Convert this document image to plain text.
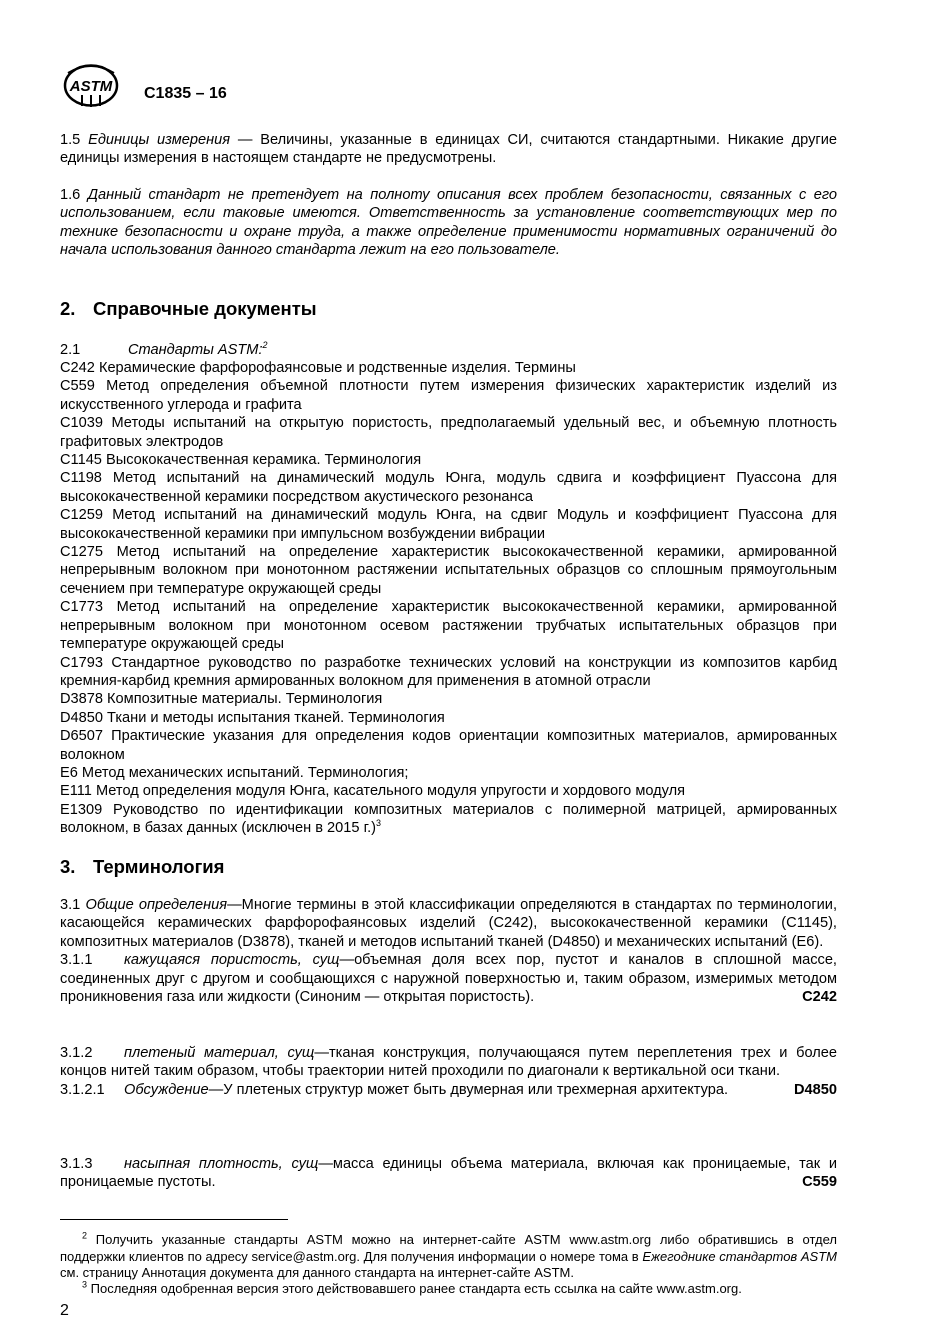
ASTM C1835 – 16
1.5 Единицы измерения — Величины, указанные в единицах СИ, считаются стандартными. Никакие другие единицы измерения в настоящем стандарте не предусмотрены.
1.6 Данный стандарт не претендует на полноту описания всех проблем безопасности, связанных с его использованием, если таковые имеются. Ответственность за установление соответствующих мер по технике безопасности и охране труда, а также определение применимости нормативных ограничений до начала использования данного стандарта лежит на его пользователе.
2. Справочные документы
2.1	Стандарты ASTM:$^2$
C242 Керамические фарфорофаянсовые и родственные изделия. Термины
C559 Метод определения объемной плотности путем измерения физических характеристик изделий из искусственного углерода и графита
C1039 Методы испытаний на открытую пористость, предполагаемый удельный вес, и объемную плотность графитовых электродов
C1145 Высококачественная керамика. Терминология
C1198 Метод испытаний на динамический модуль Юнга, модуль сдвига и коэффициент Пуассона для высококачественной керамики посредством акустического резонанса
C1259 Метод испытаний на динамический модуль Юнга, на сдвиг Модуль и коэффициент Пуассона для высококачественной керамики при импульсном возбуждении вибрации
C1275 Метод испытаний на определение характеристик высококачественной керамики, армированной непрерывным волокном при монотонном растяжении испытательных образцов со сплошным прямоугольным сечением при температуре окружающей среды
C1773 Метод испытаний на определение характеристик высококачественной керамики, армированной непрерывным волокном при монотонном осевом растяжении трубчатых испытательных образцов при температуре окружающей среды
C1793 Стандартное руководство по разработке технических условий на конструкции из композитов карбид кремния-карбид кремния армированных волокном для применения в атомной отрасли
D3878 Композитные материалы. Терминология
D4850 Ткани и методы испытания тканей. Терминология
D6507 Практические указания для определения кодов ориентации композитных материалов, армированных волокном
E6 Метод механических испытаний. Терминология;
E111 Метод определения модуля Юнга, касательного модуля упругости и хордового модуля
E1309 Руководство по идентификации композитных материалов с полимерной матрицей, армированных волокном, в базах данных (исключен в 2015 г.)$^3$
3. Терминология
3.1 Общие определения—Многие термины в этой классификации определяются в стандартах по терминологии, касающейся керамических фарфорофаянсовых изделий (C242), высококачественной керамики (C1145), композитных материалов (D3878), тканей и методов испытаний тканей (D4850) и механических испытаний (E6).
3.1.1 кажущаяся пористость, сущ—объемная доля всех пор, пустот и каналов в сплошной массе, соединенных друг с другом и сообщающихся с наружной поверхностью и, таким образом, измеримых методом проникновения газа или жидкости (Синоним — открытая пористость).	C242
3.1.2 плетеный материал, сущ—тканая конструкция, получающаяся путем переплетения трех и более концов нитей таким образом, чтобы траектории нитей проходили по диагонали к вертикальной оси ткани.
3.1.2.1 Обсуждение—У плетеных структур может быть двумерная или трехмерная архитектура.	D4850
3.1.3 насыпная плотность, сущ—масса единицы объема материала, включая как проницаемые, так и проницаемые пустоты.	C559
$^2$ Получить указанные стандарты ASTM можно на интернет-сайте ASTM www.astm.org либо обратившись в отдел поддержки клиентов по адресу service@astm.org. Для получения информации о номере тома в Ежегоднике стандартов ASTM см. страницу Аннотация документа для данного стандарта на интернет-сайте ASTM.
$^3$ Последняя одобренная версия этого действовавшего ранее стандарта есть ссылка на сайте www.astm.org.
2
